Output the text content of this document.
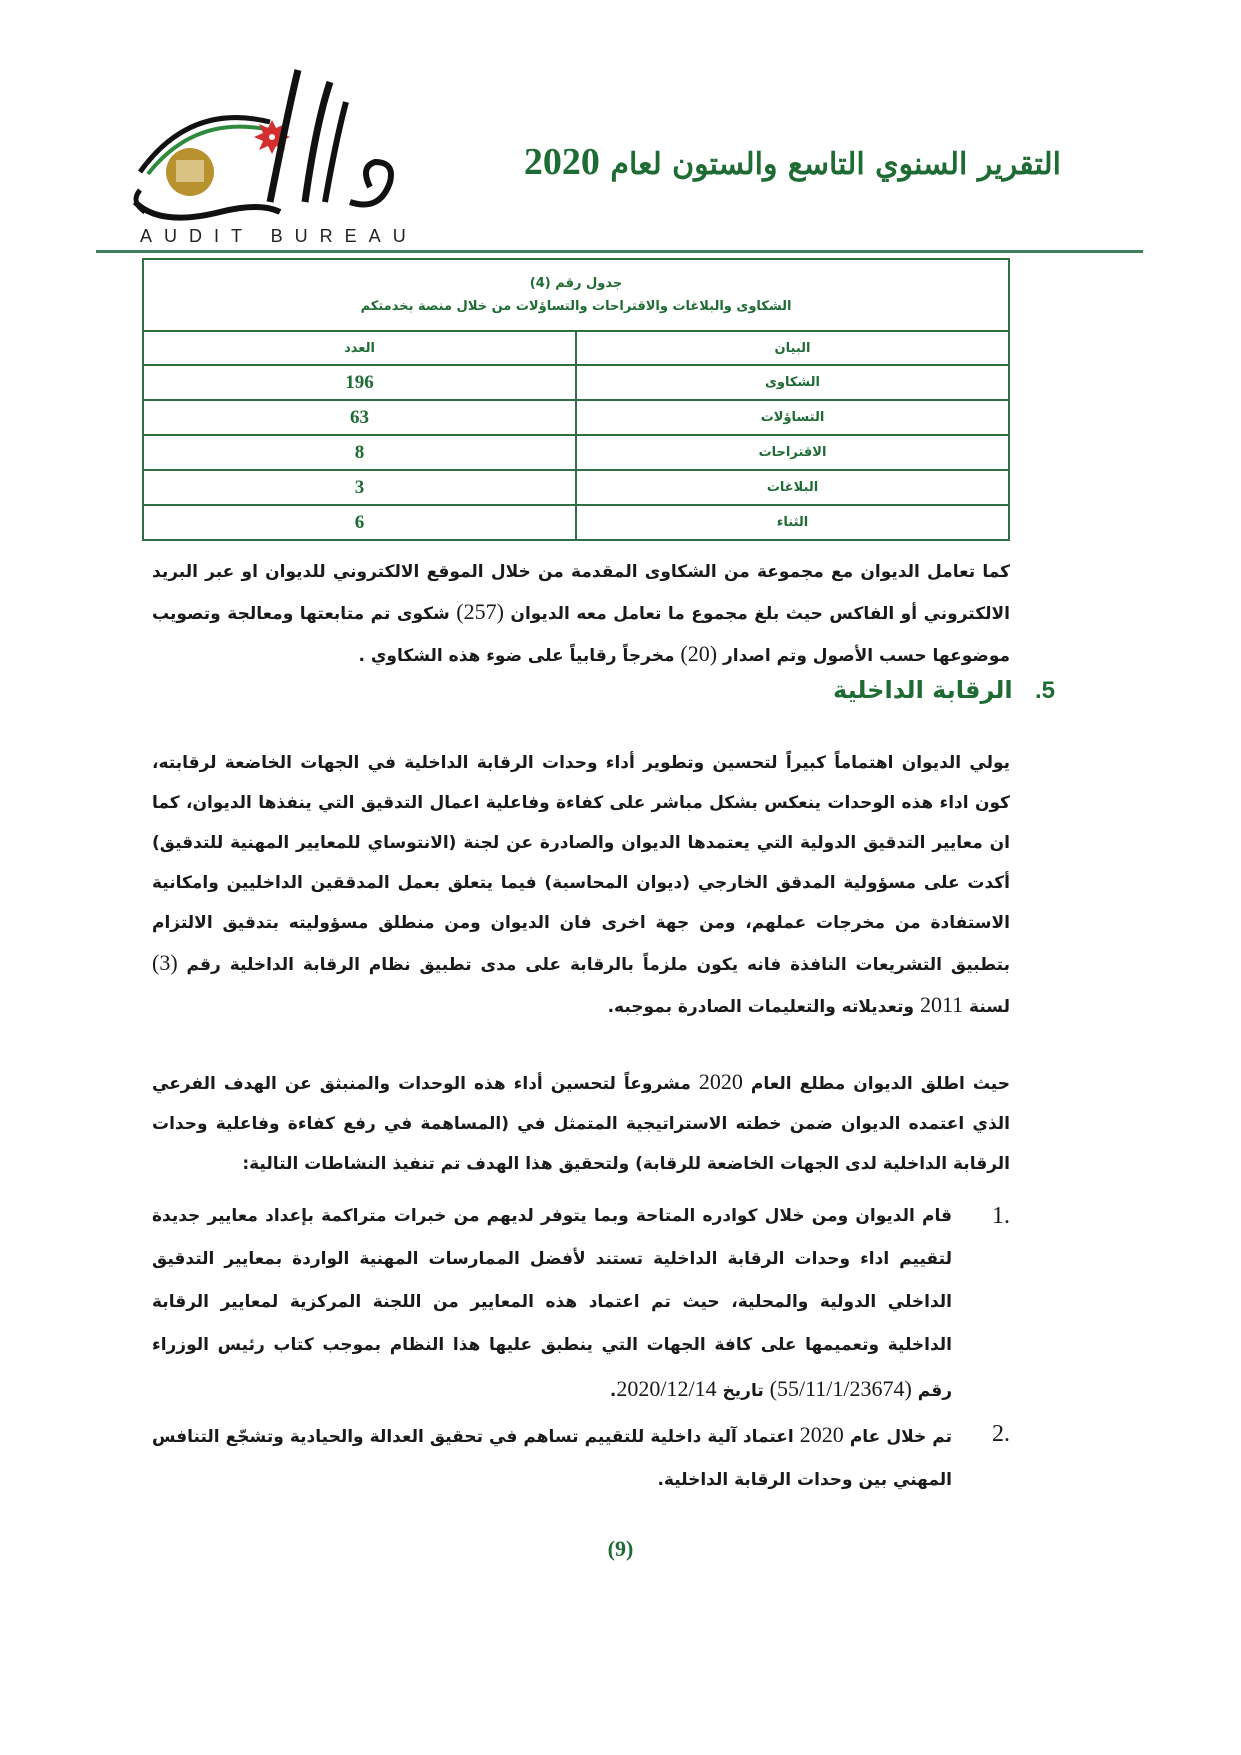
AUDIT BUREAU
التقرير السنوي التاسع والستون لعام 2020
جدول رقم (4)
الشكاوى والبلاغات والاقتراحات والتساؤلات من خلال منصة بخدمتكم	

البيان	العدد
الشكاوى	196
التساؤلات	63
الاقتراحات	8
البلاغات	3
الثناء	6

كما تعامل الديوان مع مجموعة من الشكاوى المقدمة من خلال الموقع الالكتروني للديوان او عبر البريد الالكتروني أو الفاكس حيث بلغ مجموع ما تعامل معه الديوان (257) شكوى تم متابعتها ومعالجة وتصويب موضوعها حسب الأصول وتم اصدار (20) مخرجاً رقابياً على ضوء هذه الشكاوي .

5. الرقابة الداخلية

يولي الديوان اهتماماً كبيراً لتحسين وتطوير أداء وحدات الرقابة الداخلية في الجهات الخاضعة لرقابته، كون اداء هذه الوحدات ينعكس بشكل مباشر على كفاءة وفاعلية اعمال التدقيق التي ينفذها الديوان، كما ان معايير التدقيق الدولية التي يعتمدها الديوان والصادرة عن لجنة (الانتوساي للمعايير المهنية للتدقيق) أكدت على مسؤولية المدقق الخارجي (ديوان المحاسبة) فيما يتعلق بعمل المدققين الداخليين وامكانية الاستفادة من مخرجات عملهم، ومن جهة اخرى فان الديوان ومن منطلق مسؤوليته بتدقيق الالتزام بتطبيق التشريعات النافذة فانه يكون ملزماً بالرقابة على مدى تطبيق نظام الرقابة الداخلية رقم (3) لسنة 2011 وتعديلاته والتعليمات الصادرة بموجبه.

حيث اطلق الديوان مطلع العام 2020 مشروعاً لتحسين أداء هذه الوحدات والمنبثق عن الهدف الفرعي الذي اعتمده الديوان ضمن خطته الاستراتيجية المتمثل في (المساهمة في رفع كفاءة وفاعلية وحدات الرقابة الداخلية لدى الجهات الخاضعة للرقابة) ولتحقيق هذا الهدف تم تنفيذ النشاطات التالية:

.1
قام الديوان ومن خلال كوادره المتاحة وبما يتوفر لديهم من خبرات متراكمة بإعداد معايير جديدة لتقييم اداء وحدات الرقابة الداخلية تستند لأفضل الممارسات المهنية الواردة بمعايير التدقيق الداخلي الدولية والمحلية، حيث تم اعتماد هذه المعايير من اللجنة المركزية لمعايير الرقابة الداخلية وتعميمها على كافة الجهات التي ينطبق عليها هذا النظام بموجب كتاب رئيس الوزراء رقم (55/11/1/23674) تاريخ 2020/12/14.
.2
تم خلال عام 2020 اعتماد آلية داخلية للتقييم تساهم في تحقيق العدالة والحيادية وتشجّع التنافس المهني بين وحدات الرقابة الداخلية.
(9)
